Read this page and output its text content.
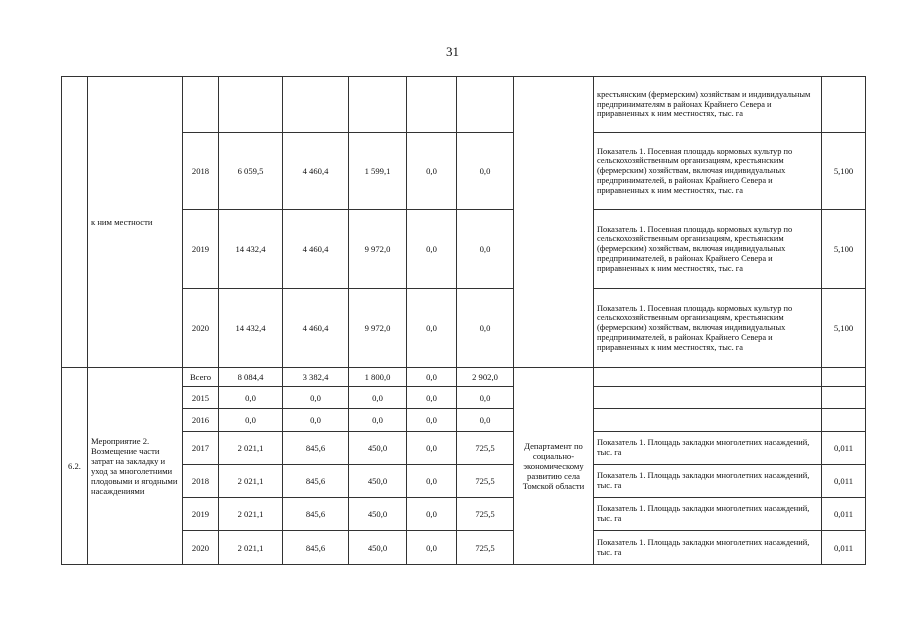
31
	к ним местности								крестьянским (фермерским) хозяйствам и индивидуальным предпринимателям в районах Крайнего Севера и приравненных к ним местностях, тыс. га	
		2018	6 059,5	4 460,4	1 599,1	0,0	0,0		Показатель 1. Посевная площадь кормовых культур по сельскохозяйственным организациям, крестьянским (фермерским) хозяйствам, включая индивидуальных предпринимателей, в районах Крайнего Севера и приравненных к ним местностях, тыс. га	5,100
		2019	14 432,4	4 460,4	9 972,0	0,0	0,0		Показатель 1. Посевная площадь кормовых культур по сельскохозяйственным организациям, крестьянским (фермерским) хозяйствам, включая индивидуальных предпринимателей, в районах Крайнего Севера и приравненных к ним местностях, тыс. га	5,100
		2020	14 432,4	4 460,4	9 972,0	0,0	0,0		Показатель 1. Посевная площадь кормовых культур по сельскохозяйственным организациям, крестьянским (фермерским) хозяйствам, включая индивидуальных предпринимателей, в районах Крайнего Севера и приравненных к ним местностях, тыс. га	5,100
6.2.	Мероприятие 2. Возмещение части затрат на закладку и уход за многолетними плодовыми и ягодными насаждениями	Всего	8 084,4	3 382,4	1 800,0	0,0	2 902,0	Департамент по социально-экономическому развитию села Томской области		
		2015	0,0	0,0	0,0	0,0	0,0			
		2016	0,0	0,0	0,0	0,0	0,0			
		2017	2 021,1	845,6	450,0	0,0	725,5		Показатель 1. Площадь закладки многолетних насаждений, тыс. га	0,011
		2018	2 021,1	845,6	450,0	0,0	725,5		Показатель 1. Площадь закладки многолетних насаждений, тыс. га	0,011
		2019	2 021,1	845,6	450,0	0,0	725,5		Показатель 1. Площадь закладки многолетних насаждений, тыс. га	0,011
		2020	2 021,1	845,6	450,0	0,0	725,5		Показатель 1. Площадь закладки многолетних насаждений, тыс. га	0,011
